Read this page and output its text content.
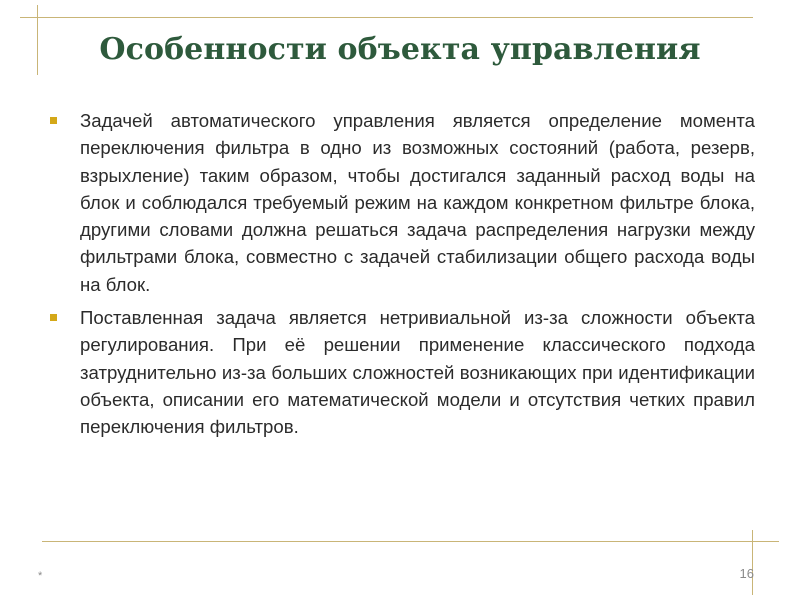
Особенности объекта управления

Задачей автоматического управления является определение момента переключения фильтра в одно из возможных состояний (работа, резерв, взрыхление) таким образом, чтобы достигался заданный расход воды на блок и соблюдался требуемый режим на каждом конкретном фильтре блока, другими словами должна решаться задача распределения нагрузки между фильтрами блока, совместно с задачей стабилизации общего расхода воды на блок.

Поставленная задача является нетривиальной из-за сложности объекта регулирования. При её решении применение классического подхода затруднительно из-за больших сложностей возникающих при идентификации объекта, описании его математической модели и отсутствия четких правил переключения фильтров.

*	16
